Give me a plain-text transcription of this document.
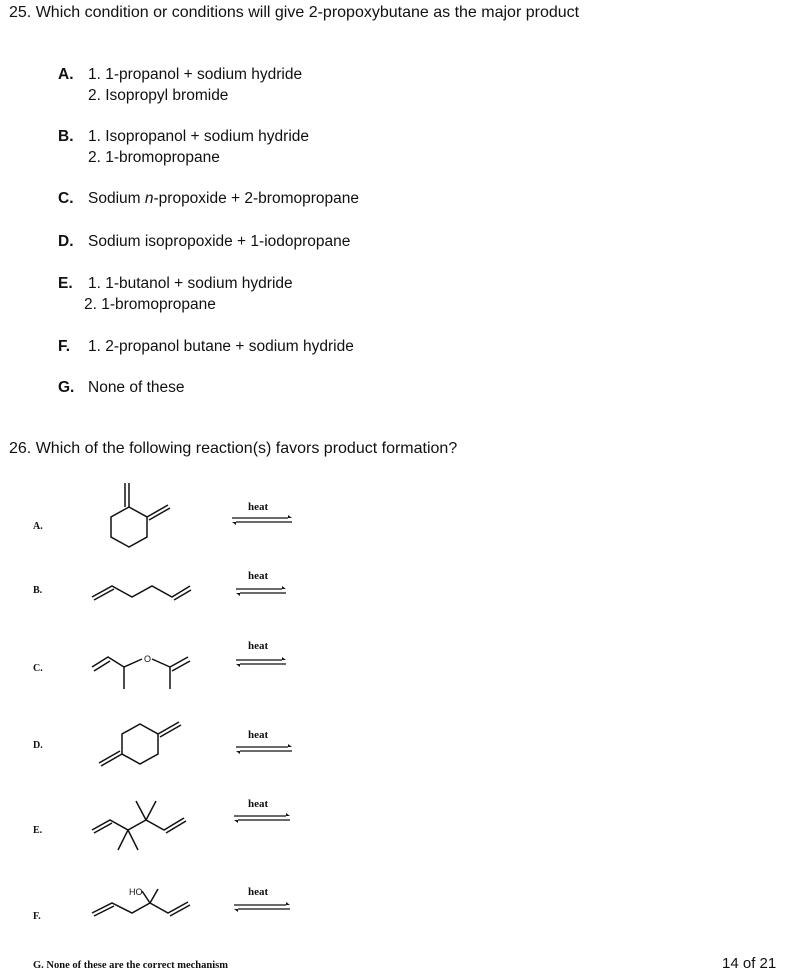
25. Which condition or conditions will give 2-propoxybutane as the major product
A. 1. 1-propanol + sodium hydride
2. Isopropyl bromide
B. 1. Isopropanol + sodium hydride
2. 1-bromopropane
C. Sodium n-propoxide + 2-bromopropane
D. Sodium isopropoxide + 1-iodopropane
E. 1. 1-butanol + sodium hydride
2. 1-bromopropane
F. 1. 2-propanol butane + sodium hydride
G. None of these
26. Which of the following reaction(s) favors product formation?
A.
heat
B.
heat
C.
O
heat
D.
heat
E.
heat
F.
HO	heat
G. None of these are the correct mechanism	14 of 21
